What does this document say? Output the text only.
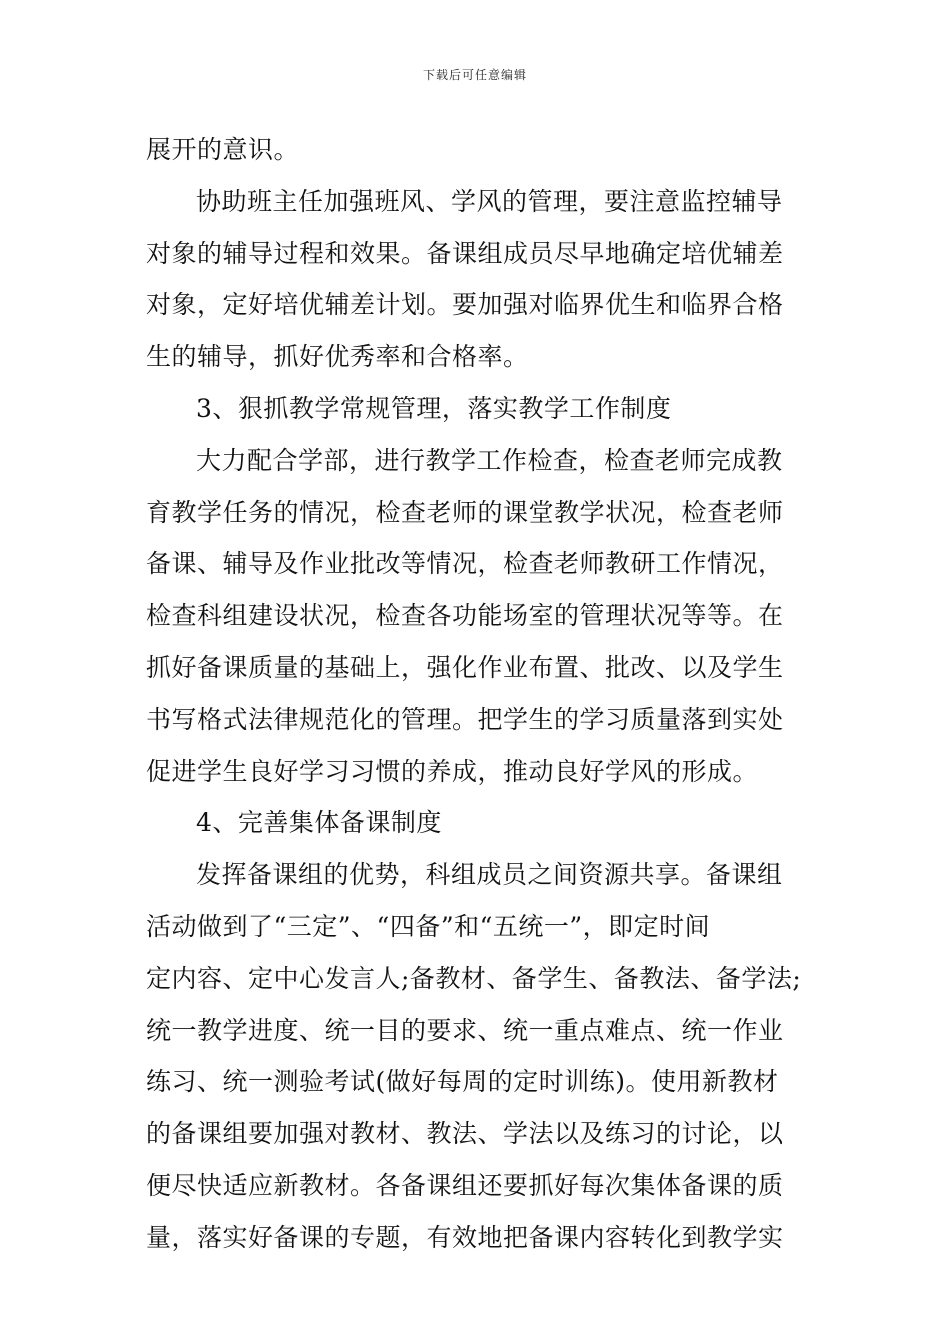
下载后可任意编辑
展开的意识。
协助班主任加强班风、学风的管理，要注意监控辅导
对象的辅导过程和效果。备课组成员尽早地确定培优辅差
对象，定好培优辅差计划。要加强对临界优生和临界合格
生的辅导，抓好优秀率和合格率。
3、狠抓教学常规管理，落实教学工作制度
大力配合学部，进行教学工作检查，检查老师完成教
育教学任务的情况，检查老师的课堂教学状况，检查老师
备课、辅导及作业批改等情况，检查老师教研工作情况，
检查科组建设状况，检查各功能场室的管理状况等等。在
抓好备课质量的基础上，强化作业布置、批改、以及学生
书写格式法律规范化的管理。把学生的学习质量落到实处
促进学生良好学习习惯的养成，推动良好学风的形成。
4、完善集体备课制度
发挥备课组的优势，科组成员之间资源共享。备课组
活动做到了“三定”、“四备”和“五统一”，即定时间
定内容、定中心发言人;备教材、备学生、备教法、备学法;
统一教学进度、统一目的要求、统一重点难点、统一作业
练习、统一测验考试(做好每周的定时训练)。使用新教材
的备课组要加强对教材、教法、学法以及练习的讨论，以
便尽快适应新教材。各备课组还要抓好每次集体备课的质
量，落实好备课的专题，有效地把备课内容转化到教学实
